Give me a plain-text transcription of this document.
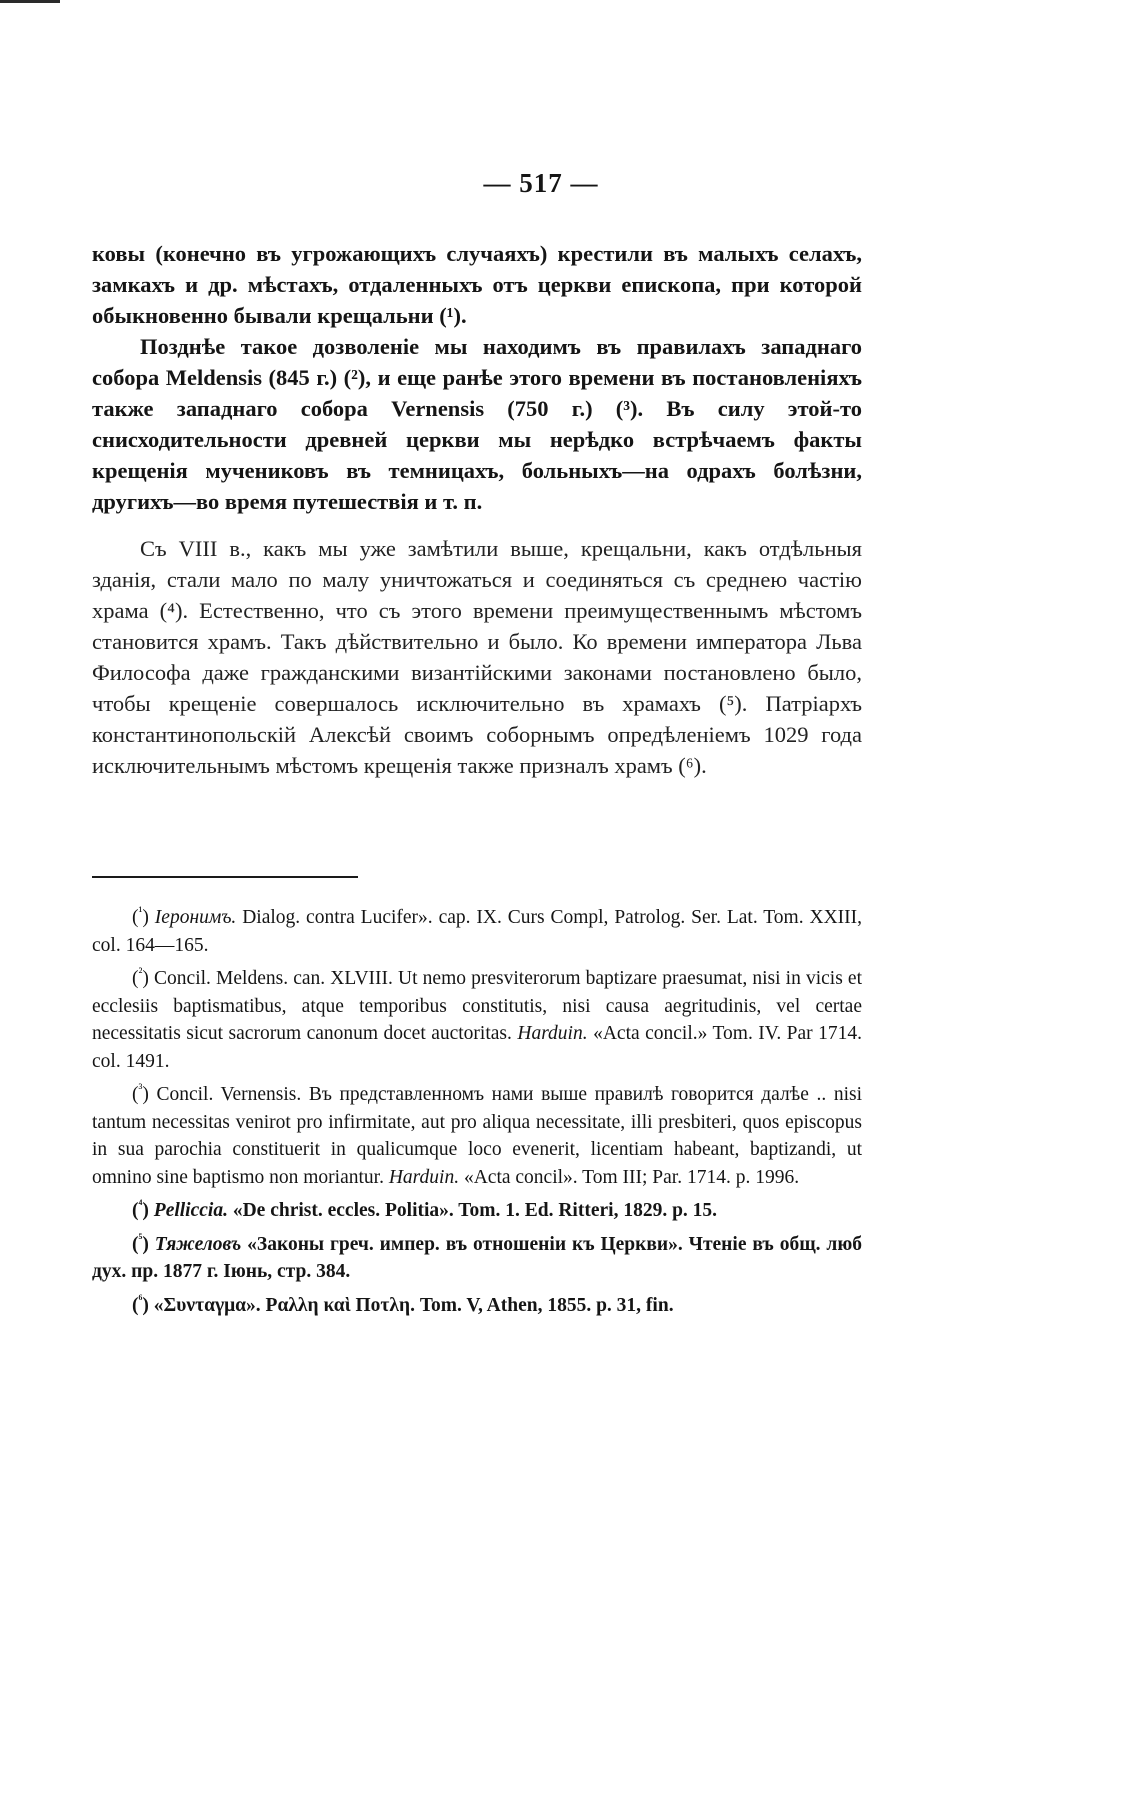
— 517 —

ковы (конечно въ угрожающихъ случаяхъ) крестили въ малыхъ селахъ, замкахъ и др. мѣстахъ, отдаленныхъ отъ церкви епископа, при которой обыкновенно бывали крещальни (¹).

Позднѣе такое дозволеніе мы находимъ въ правилахъ западнаго собора Meldensis (845 г.) (²), и еще ранѣе этого времени въ постановленіяхъ также западнаго собора Vernensis (750 г.) (³). Въ силу этой-то снисходительности древней церкви мы нерѣдко встрѣчаемъ факты крещенія мучениковъ въ темницахъ, больныхъ—на одрахъ болѣзни, другихъ—во время путешествія и т. п.

Съ VIII в., какъ мы уже замѣтили выше, крещальни, какъ отдѣльныя зданія, стали мало по малу уничтожаться и соединяться съ среднею частію храма (⁴). Естественно, что съ этого времени преимущественнымъ мѣстомъ становится храмъ. Такъ дѣйствительно и было. Ко времени императора Льва Философа даже гражданскими византійскими законами постановлено было, чтобы крещеніе совершалось исключительно въ храмахъ (⁵). Патріархъ константинопольскій Алексѣй своимъ соборнымъ опредѣленіемъ 1029 года исключительнымъ мѣстомъ крещенія также призналъ храмъ (⁶).

($^{^1}$) Іеронимъ. Dialog. contra Lucifer». cap. IX. Curs Compl, Patrolog. Ser. Lat. Tom. XXIII, col. 164—165.

($^{^2}$) Concil. Meldens. can. XLVIII. Ut nemo presviterorum baptizare praesumat, nisi in vicis et ecclesiis baptismatibus, atque temporibus constitutis, nisi causa aegritudinis, vel certae necessitatis sicut sacrorum canonum docet auctoritas. Harduin. «Acta concil.» Tom. IV. Par 1714. col. 1491.

($^{^3}$) Concil. Vernensis. Въ представленномъ нами выше правилѣ говорится далѣе .. nisi tantum necessitas venirot pro infirmitate, aut pro aliqua necessitate, illi presbiteri, quos episcopus in sua parochia constituerit in qualicumque loco evenerit, licentiam habeant, baptizandi, ut omnino sine baptismo non moriantur. Harduin. «Acta concil». Tom III; Par. 1714. p. 1996.

($^{^4}$) Pelliccia. «De christ. eccles. Politia». Tom. 1. Ed. Ritteri, 1829. p. 15.

($^{^5}$) Тяжеловъ «Законы греч. импер. въ отношеніи къ Церкви». Чтеніе въ общ. люб дух. пр. 1877 г. Іюнь, стр. 384.

($^{^6}$) «Συνταγμα». Ραλλη καὶ Ποτλη. Tom. V, Athen, 1855. p. 31, fin.
